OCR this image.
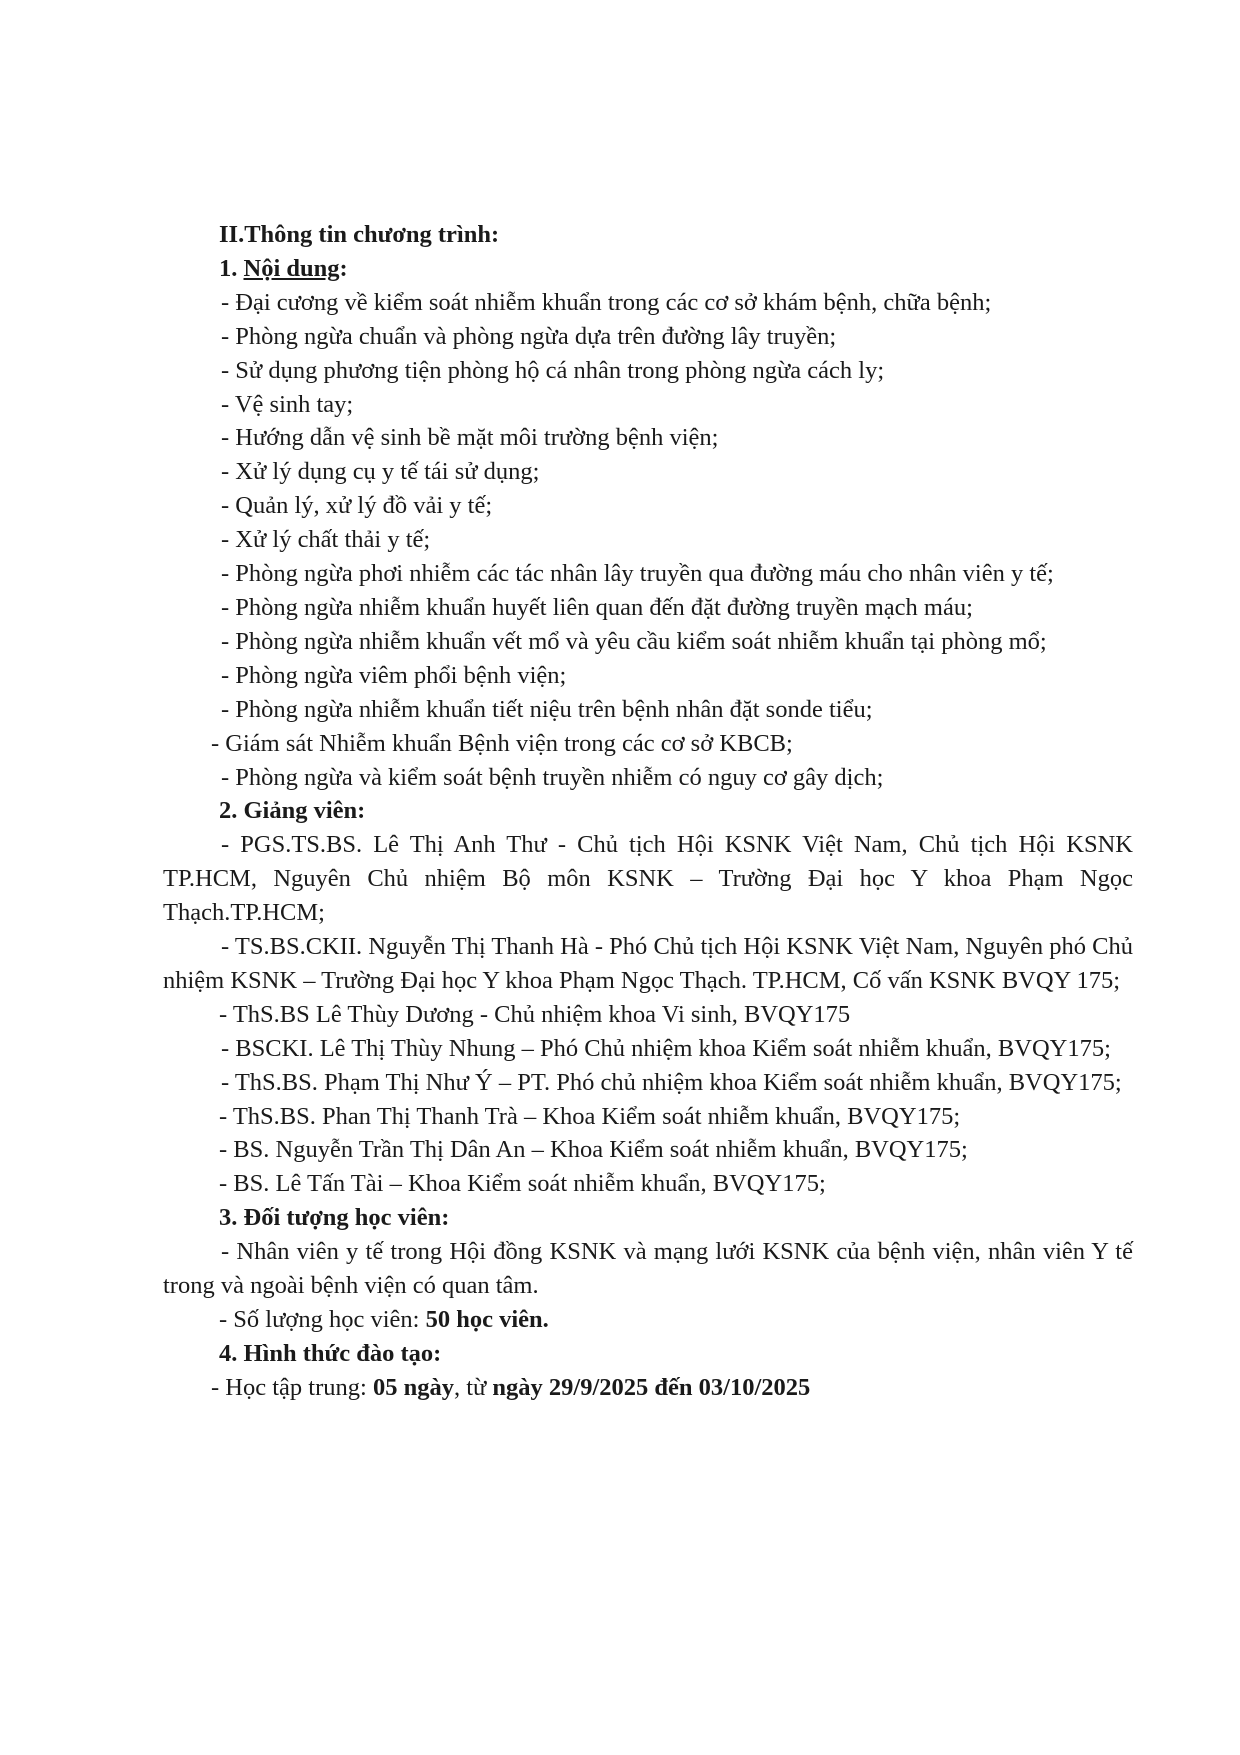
II.Thông tin chương trình:
1. Nội dung:
- Đại cương về kiểm soát nhiễm khuẩn trong các cơ sở khám bệnh, chữa bệnh;
- Phòng ngừa chuẩn và phòng ngừa dựa trên đường lây truyền;
- Sử dụng phương tiện phòng hộ cá nhân trong phòng ngừa cách ly;
- Vệ sinh tay;
- Hướng dẫn vệ sinh bề mặt môi trường bệnh viện;
- Xử lý dụng cụ y tế tái sử dụng;
- Quản lý, xử lý đồ vải y tế;
- Xử lý chất thải y tế;
- Phòng ngừa phơi nhiễm các tác nhân lây truyền qua đường máu cho nhân viên y tế;
- Phòng ngừa nhiễm khuẩn huyết liên quan đến đặt đường truyền mạch máu;
- Phòng ngừa nhiễm khuẩn vết mổ và yêu cầu kiểm soát nhiễm khuẩn tại phòng mổ;
- Phòng ngừa viêm phổi bệnh viện;
- Phòng ngừa nhiễm khuẩn tiết niệu trên bệnh nhân đặt sonde tiểu;
- Giám sát Nhiễm khuẩn Bệnh viện trong các cơ sở KBCB;
- Phòng ngừa và kiểm soát bệnh truyền nhiễm có nguy cơ gây dịch;
2. Giảng viên:
- PGS.TS.BS. Lê Thị Anh Thư - Chủ tịch Hội KSNK Việt Nam, Chủ tịch Hội KSNK TP.HCM, Nguyên Chủ nhiệm Bộ môn KSNK – Trường Đại học Y khoa Phạm Ngọc Thạch.TP.HCM;
- TS.BS.CKII. Nguyễn Thị Thanh Hà - Phó Chủ tịch Hội KSNK Việt Nam, Nguyên phó Chủ nhiệm KSNK – Trường Đại học Y khoa Phạm Ngọc Thạch. TP.HCM, Cố vấn KSNK BVQY 175;
- ThS.BS Lê Thùy Dương - Chủ nhiệm khoa Vi sinh, BVQY175
- BSCKI. Lê Thị Thùy Nhung – Phó Chủ nhiệm khoa Kiểm soát nhiễm khuẩn, BVQY175;
- ThS.BS. Phạm Thị Như Ý – PT. Phó chủ nhiệm khoa Kiểm soát nhiễm khuẩn, BVQY175;
- ThS.BS. Phan Thị Thanh Trà – Khoa Kiểm soát nhiễm khuẩn, BVQY175;
- BS. Nguyễn Trần Thị Dân An – Khoa Kiểm soát nhiễm khuẩn, BVQY175;
- BS. Lê Tấn Tài – Khoa Kiểm soát nhiễm khuẩn, BVQY175;
3. Đối tượng học viên:
- Nhân viên y tế trong Hội đồng KSNK và mạng lưới KSNK của bệnh viện, nhân viên Y tế trong và ngoài bệnh viện có quan tâm.
- Số lượng học viên: 50 học viên.
4. Hình thức đào tạo:
- Học tập trung: 05 ngày, từ ngày 29/9/2025 đến 03/10/2025
